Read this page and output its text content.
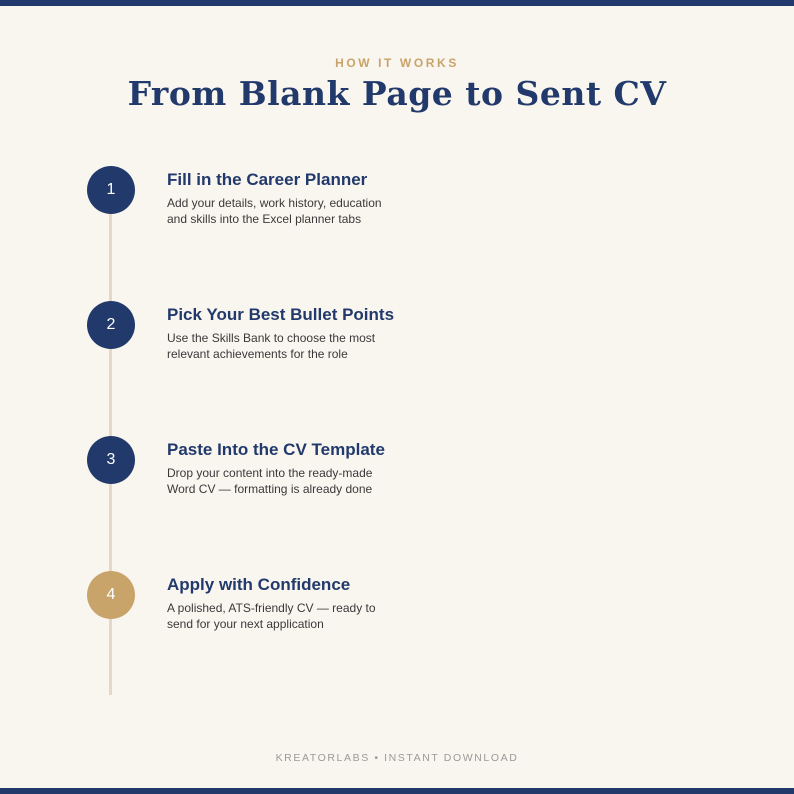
HOW IT WORKS
From Blank Page to Sent CV
1
Fill in the Career Planner
Add your details, work history, education and skills into the Excel planner tabs
2
Pick Your Best Bullet Points
Use the Skills Bank to choose the most relevant achievements for the role
3
Paste Into the CV Template
Drop your content into the ready-made Word CV — formatting is already done
4
Apply with Confidence
A polished, ATS-friendly CV — ready to send for your next application
KREATORLABS • INSTANT DOWNLOAD
